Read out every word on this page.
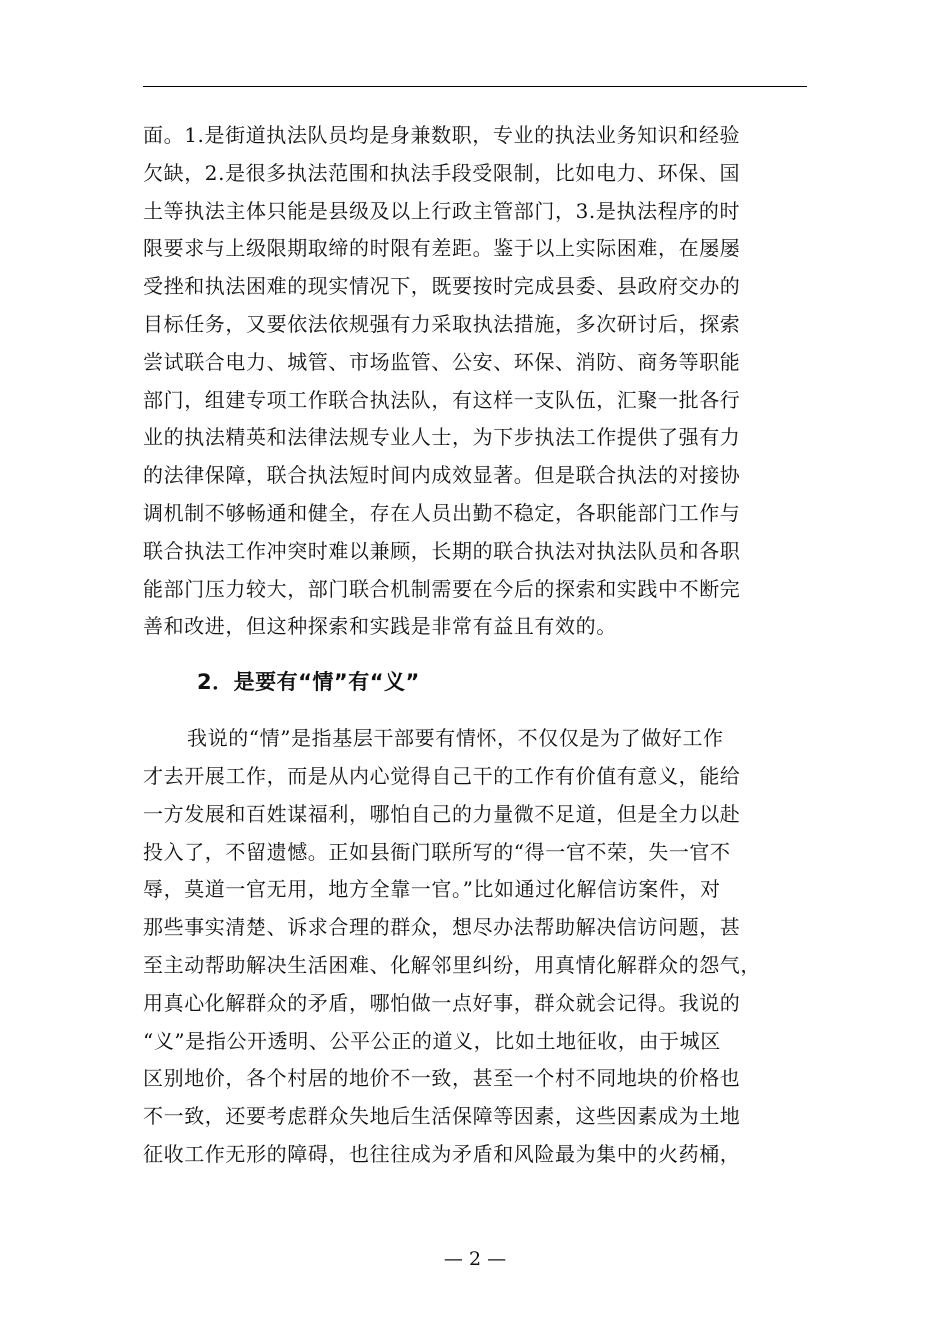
面。1.是街道执法队员均是身兼数职，专业的执法业务知识和经验
欠缺，2.是很多执法范围和执法手段受限制，比如电力、环保、国
土等执法主体只能是县级及以上行政主管部门，3.是执法程序的时
限要求与上级限期取缔的时限有差距。鉴于以上实际困难，在屡屡
受挫和执法困难的现实情况下，既要按时完成县委、县政府交办的
目标任务，又要依法依规强有力采取执法措施，多次研讨后，探索
尝试联合电力、城管、市场监管、公安、环保、消防、商务等职能
部门，组建专项工作联合执法队，有这样一支队伍，汇聚一批各行
业的执法精英和法律法规专业人士，为下步执法工作提供了强有力
的法律保障，联合执法短时间内成效显著。但是联合执法的对接协
调机制不够畅通和健全，存在人员出勤不稳定，各职能部门工作与
联合执法工作冲突时难以兼顾，长期的联合执法对执法队员和各职
能部门压力较大，部门联合机制需要在今后的探索和实践中不断完
善和改进，但这种探索和实践是非常有益且有效的。

2．是要有“情”有“义”

我说的“情”是指基层干部要有情怀，不仅仅是为了做好工作
才去开展工作，而是从内心觉得自己干的工作有价值有意义，能给
一方发展和百姓谋福利，哪怕自己的力量微不足道，但是全力以赴
投入了，不留遗憾。正如县衙门联所写的“得一官不荣，失一官不
辱，莫道一官无用，地方全靠一官。”比如通过化解信访案件，对
那些事实清楚、诉求合理的群众，想尽办法帮助解决信访问题，甚
至主动帮助解决生活困难、化解邻里纠纷，用真情化解群众的怨气，
用真心化解群众的矛盾，哪怕做一点好事，群众就会记得。我说的
“义”是指公开透明、公平公正的道义，比如土地征收，由于城区
区别地价，各个村居的地价不一致，甚至一个村不同地块的价格也
不一致，还要考虑群众失地后生活保障等因素，这些因素成为土地
征收工作无形的障碍，也往往成为矛盾和风险最为集中的火药桶，

— 2 —
